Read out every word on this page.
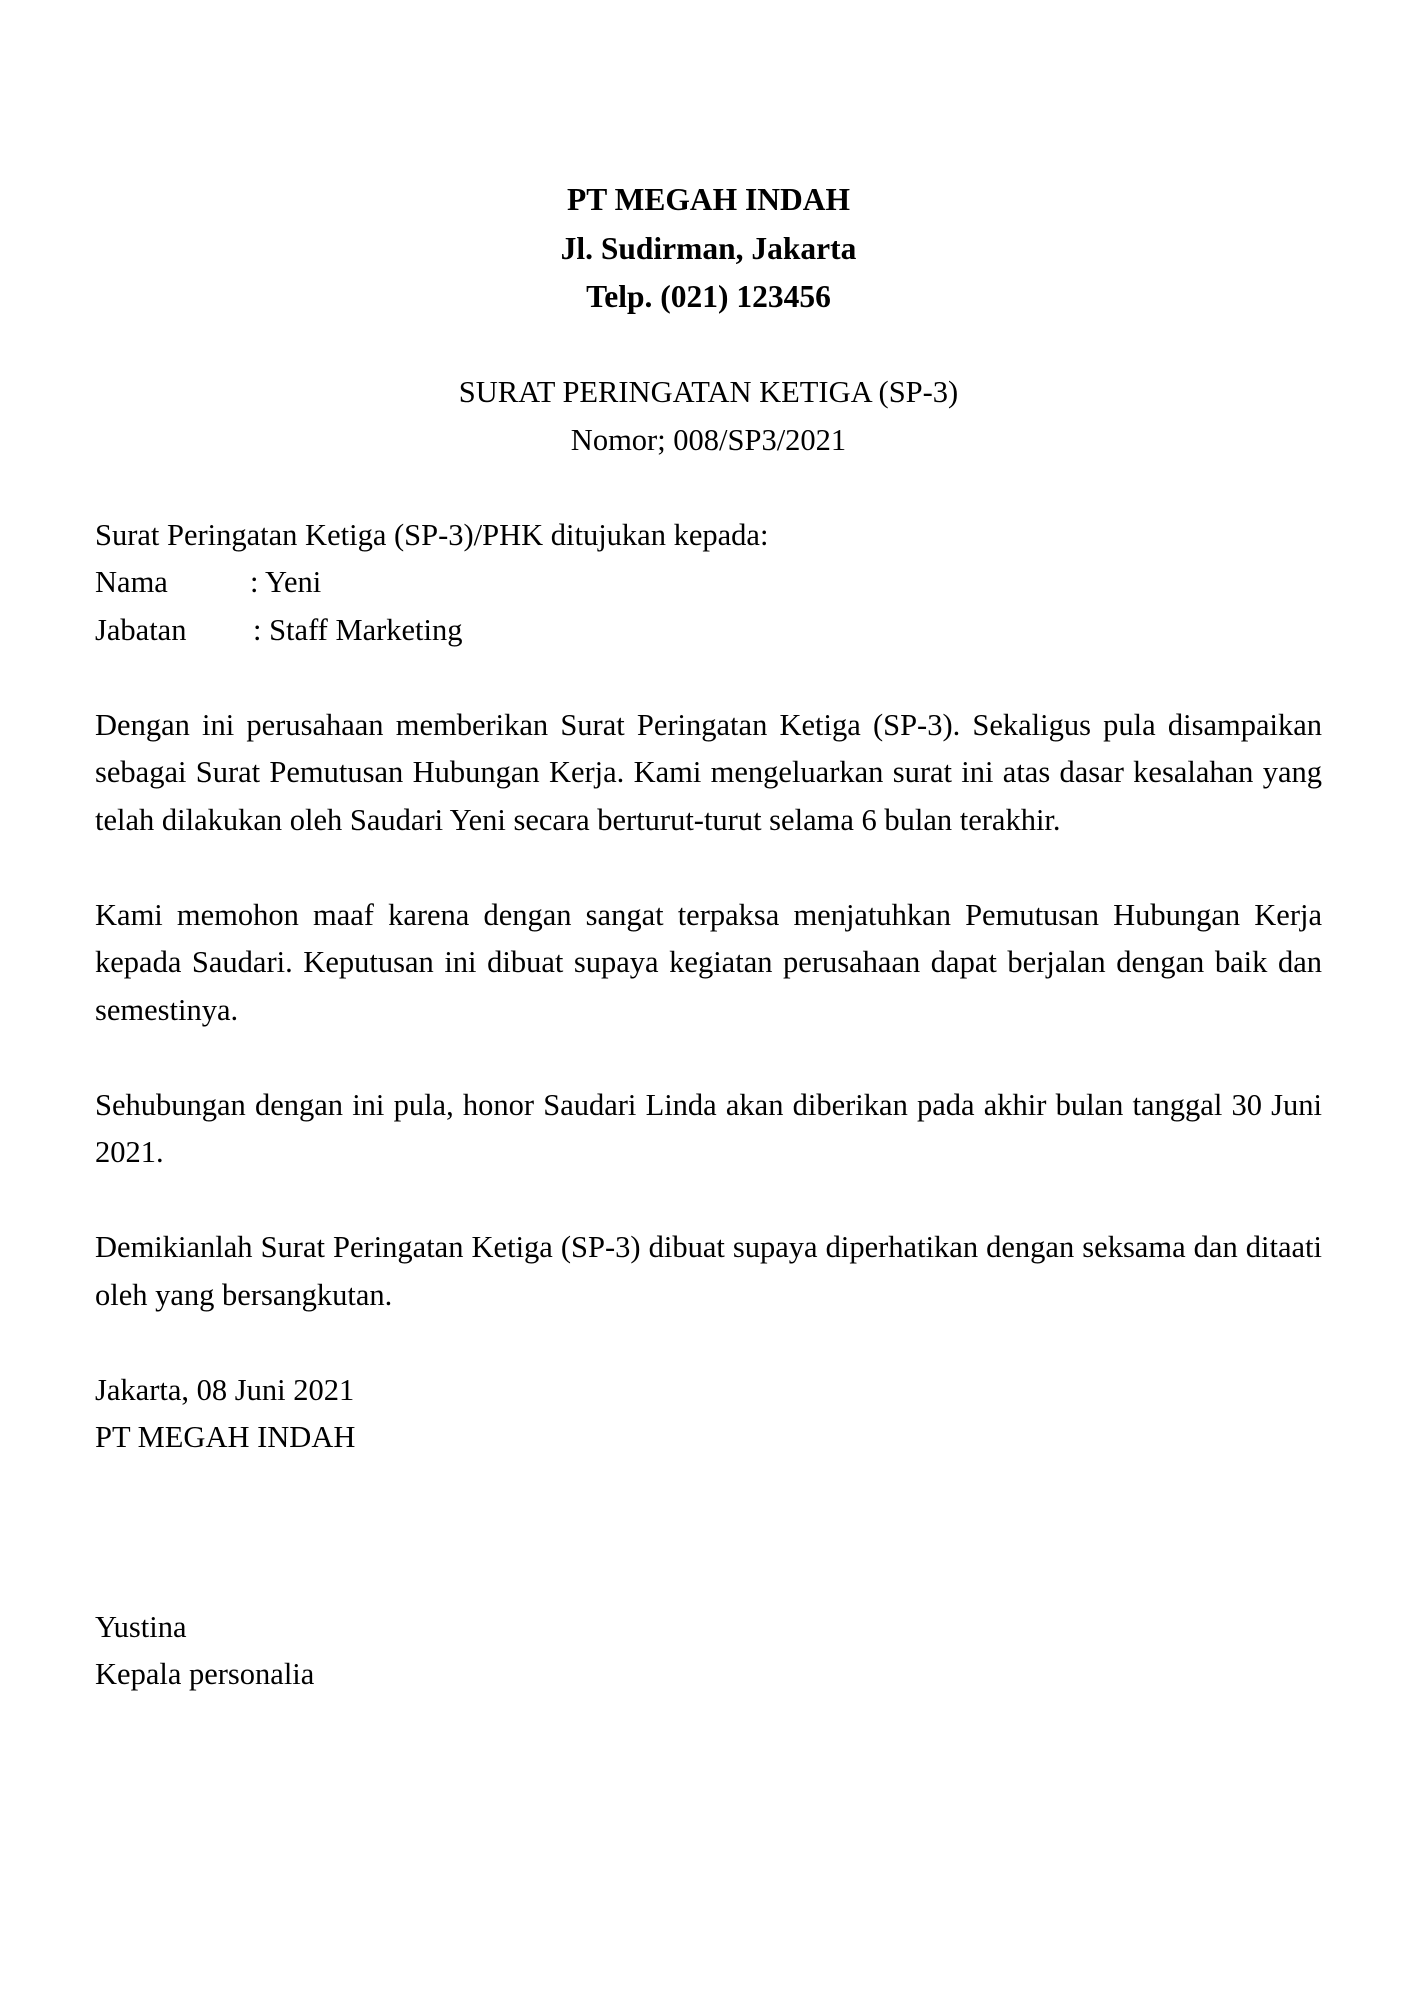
PT MEGAH INDAH
Jl. Sudirman, Jakarta
Telp. (021) 123456
SURAT PERINGATAN KETIGA (SP-3)
Nomor; 008/SP3/2021
Surat Peringatan Ketiga (SP-3)/PHK ditujukan kepada:
Nama	: Yeni
Jabatan	: Staff Marketing

Dengan ini perusahaan memberikan Surat Peringatan Ketiga (SP-3). Sekaligus pula disampaikan sebagai Surat Pemutusan Hubungan Kerja. Kami mengeluarkan surat ini atas dasar kesalahan yang telah dilakukan oleh Saudari Yeni secara berturut-turut selama 6 bulan terakhir.

Kami memohon maaf karena dengan sangat terpaksa menjatuhkan Pemutusan Hubungan Kerja kepada Saudari. Keputusan ini dibuat supaya kegiatan perusahaan dapat berjalan dengan baik dan semestinya.

Sehubungan dengan ini pula, honor Saudari Linda akan diberikan pada akhir bulan tanggal 30 Juni 2021.

Demikianlah Surat Peringatan Ketiga (SP-3) dibuat supaya diperhatikan dengan seksama dan ditaati oleh yang bersangkutan.

Jakarta, 08 Juni 2021
PT MEGAH INDAH
Yustina
Kepala personalia
